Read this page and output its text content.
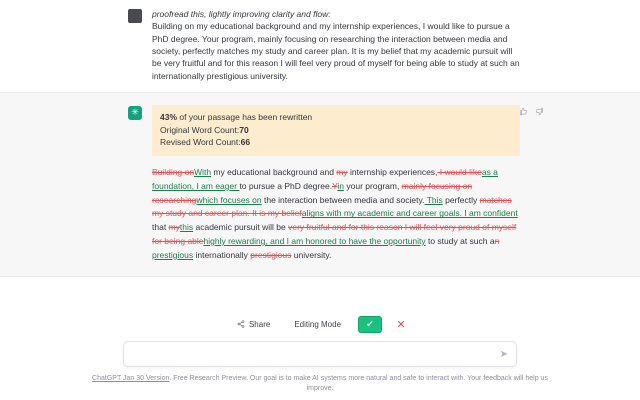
proofread this, lightly improving clarity and flow:

Building on my educational background and my internship experiences, I would like to pursue a PhD degree. Your program, mainly focusing on researching the interaction between media and society, perfectly matches my study and career plan. It is my belief that my academic pursuit will be very fruitful and for this reason I will feel very proud of myself for being able to study at such an internationally prestigious university.

✳	43% of your passage has been rewritten
Original Word Count:70
Revised Word Count:66
Building onWith my educational background and my internship experiences, I would likeas a foundation, I am eager to pursue a PhD degree.Yin your program, mainly focusing on researchingwhich focuses on the interaction between media and society. This perfectly matches my study and career plan. It is my beliefaligns with my academic and career goals. I am confident that mythis academic pursuit will be very fruitful and for this reason I will feel very proud of myself for being ablehighly rewarding, and I am honored to have the opportunity to study at such an prestigious internationally prestigious university.
Share	Editing Mode	✔ ✕
➤
ChatGPT Jan 30 Version. Free Research Preview. Our goal is to make AI systems more natural and safe to interact with. Your feedback will help us improve.
